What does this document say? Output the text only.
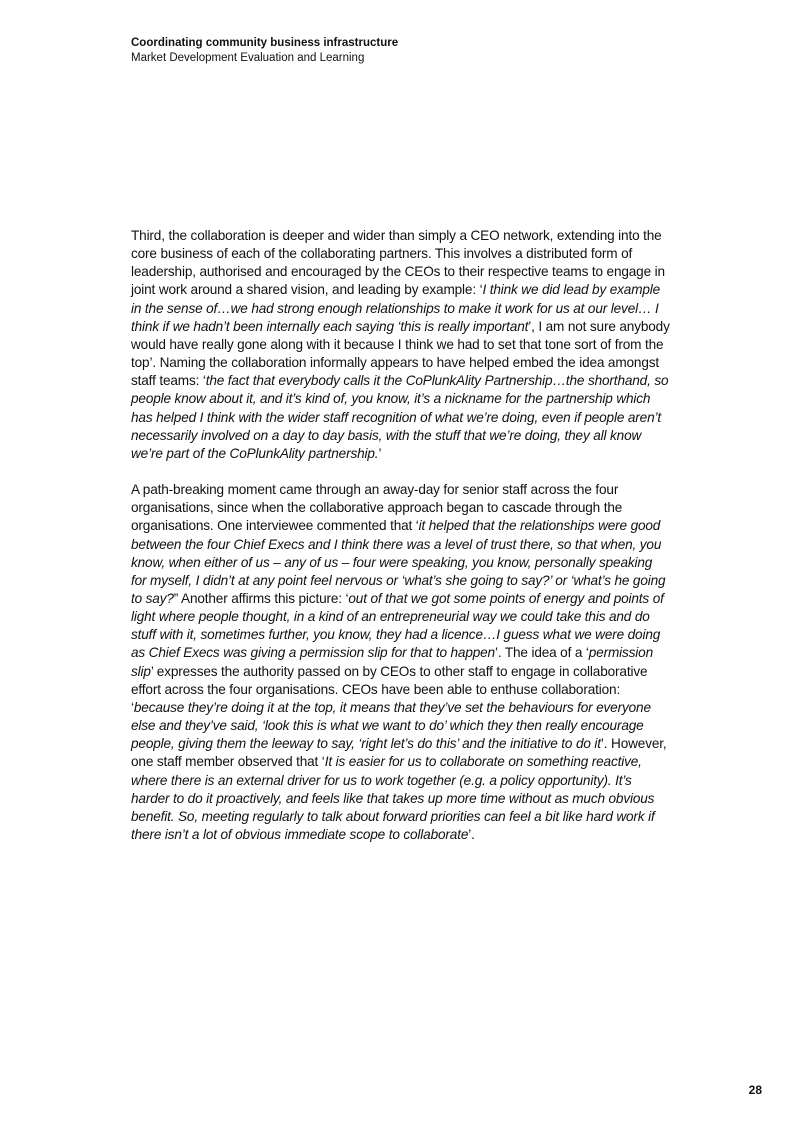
Coordinating community business infrastructure
Market Development Evaluation and Learning

Third, the collaboration is deeper and wider than simply a CEO network, extending into the core business of each of the collaborating partners. This involves a distributed form of leadership, authorised and encouraged by the CEOs to their respective teams to engage in joint work around a shared vision, and leading by example: ‘I think we did lead by example in the sense of…we had strong enough relationships to make it work for us at our level… I think if we hadn’t been internally each saying ‘this is really important’, I am not sure anybody would have really gone along with it because I think we had to set that tone sort of from the top’. Naming the collaboration informally appears to have helped embed the idea amongst staff teams: ‘the fact that everybody calls it the CoPlunkAlity Partnership…the shorthand, so people know about it, and it’s kind of, you know, it’s a nickname for the partnership which has helped I think with the wider staff recognition of what we’re doing, even if people aren’t necessarily involved on a day to day basis, with the stuff that we’re doing, they all know we’re part of the CoPlunkAlity partnership.’

A path-breaking moment came through an away-day for senior staff across the four organisations, since when the collaborative approach began to cascade through the organisations. One interviewee commented that ‘it helped that the relationships were good between the four Chief Execs and I think there was a level of trust there, so that when, you know, when either of us – any of us – four were speaking, you know, personally speaking for myself, I didn’t at any point feel nervous or ‘what’s she going to say?’ or ‘what’s he going to say?” Another affirms this picture: ‘out of that we got some points of energy and points of light where people thought, in a kind of an entrepreneurial way we could take this and do stuff with it, sometimes further, you know, they had a licence…I guess what we were doing as Chief Execs was giving a permission slip for that to happen’. The idea of a ‘permission slip’ expresses the authority passed on by CEOs to other staff to engage in collaborative effort across the four organisations. CEOs have been able to enthuse collaboration: ‘because they’re doing it at the top, it means that they’ve set the behaviours for everyone else and they’ve said, ‘look this is what we want to do’ which they then really encourage people, giving them the leeway to say, ‘right let’s do this’ and the initiative to do it’. However, one staff member observed that ‘It is easier for us to collaborate on something reactive, where there is an external driver for us to work together (e.g. a policy opportunity). It’s harder to do it proactively, and feels like that takes up more time without as much obvious benefit. So, meeting regularly to talk about forward priorities can feel a bit like hard work if there isn’t a lot of obvious immediate scope to collaborate’.

28
